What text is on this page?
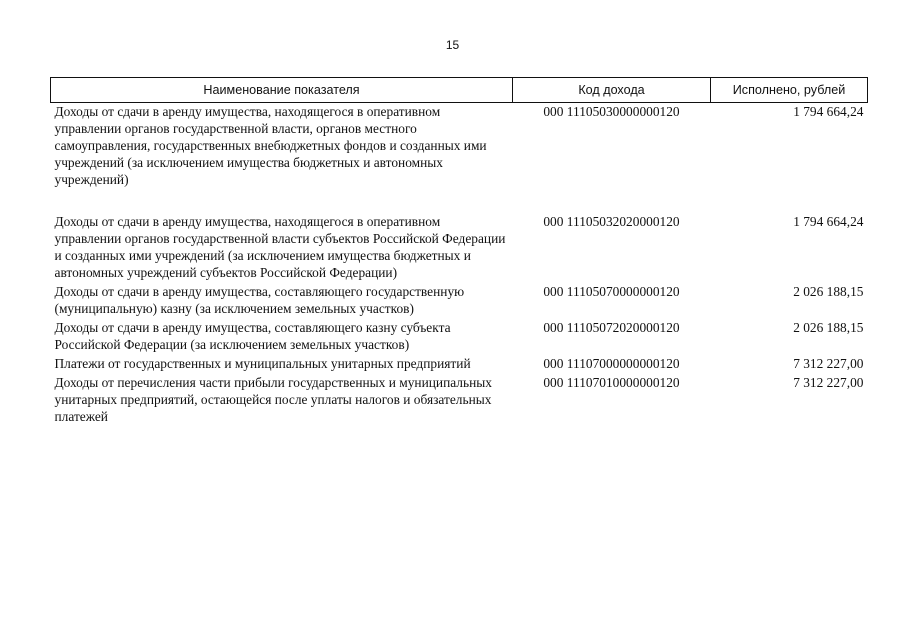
15
Наименование показателя	Код дохода	Исполнено, рублей
Доходы от сдачи в аренду имущества, находящегося в оперативном управлении органов государственной власти, органов местного самоуправления, государственных внебюджетных фондов и созданных ими учреждений (за исключением имущества бюджетных и автономных учреждений)	000 11105030000000120	1 794 664,24
Доходы от сдачи в аренду имущества, находящегося в оперативном управлении органов государственной власти субъектов Российской Федерации и созданных ими учреждений (за исключением имущества бюджетных и автономных учреждений субъектов Российской Федерации)	000 11105032020000120	1 794 664,24
Доходы от сдачи в аренду имущества, составляющего государственную (муниципальную) казну (за исключением земельных участков)	000 11105070000000120	2 026 188,15
Доходы от сдачи в аренду имущества, составляющего казну субъекта Российской Федерации (за исключением земельных участков)	000 11105072020000120	2 026 188,15
Платежи от государственных и муниципальных унитарных предприятий	000 11107000000000120	7 312 227,00
Доходы от перечисления части прибыли государственных и муниципальных унитарных предприятий, остающейся после уплаты налогов и обязательных платежей	000 11107010000000120	7 312 227,00
